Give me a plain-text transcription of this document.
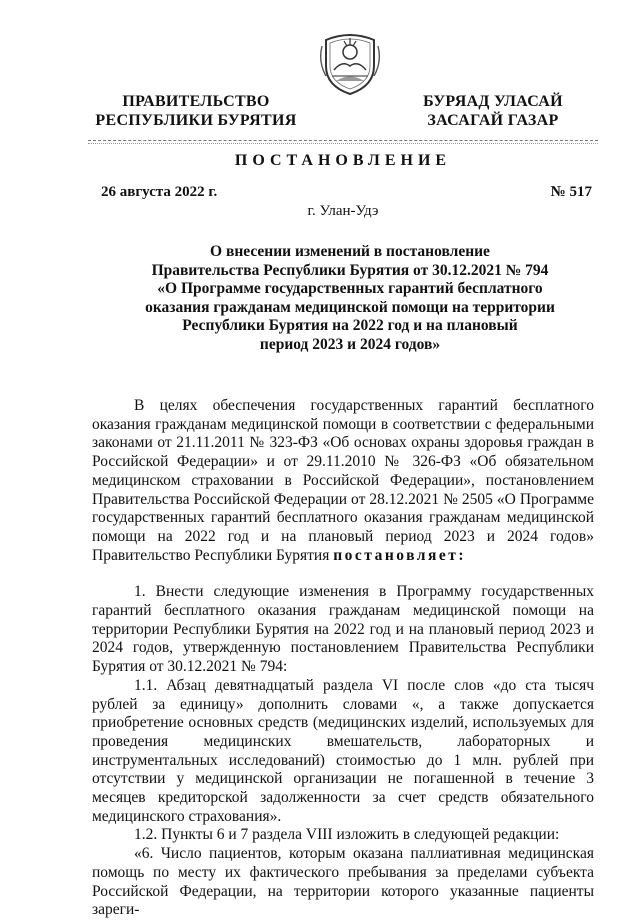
ПРАВИТЕЛЬСТВО
РЕСПУБЛИКИ БУРЯТИЯ
БУРЯАД УЛАСАЙ
ЗАСАГАЙ ГАЗАР
ПОСТАНОВЛЕНИЕ
26 августа 2022 г.	№ 517
г. Улан-Удэ
О внесении изменений в постановление
Правительства Республики Бурятия от 30.12.2021 № 794
«О Программе государственных гарантий бесплатного
оказания гражданам медицинской помощи на территории
Республики Бурятия на 2022 год и на плановый
период 2023 и 2024 годов»

В целях обеспечения государственных гарантий бесплатного оказания гражданам медицинской помощи в соответствии с федеральными законами от 21.11.2011 № 323-ФЗ «Об основах охраны здоровья граждан в Российской Федерации» и от 29.11.2010 № 326-ФЗ «Об обязательном медицинском страховании в Российской Федерации», постановлением Правительства Российской Федерации от 28.12.2021 № 2505 «О Программе государственных гарантий бесплатного оказания гражданам медицинской помощи на 2022 год и на плановый период 2023 и 2024 годов» Правительство Республики Бурятия постановляет:

1. Внести следующие изменения в Программу государственных гарантий бесплатного оказания гражданам медицинской помощи на территории Республики Бурятия на 2022 год и на плановый период 2023 и 2024 годов, утвержденную постановлением Правительства Республики Бурятия от 30.12.2021 № 794:

1.1. Абзац девятнадцатый раздела VI после слов «до ста тысяч рублей за единицу» дополнить словами «, а также допускается приобретение основных средств (медицинских изделий, используемых для проведения медицинских вмешательств, лабораторных и инструментальных исследований) стоимостью до 1 млн. рублей при отсутствии у медицинской организации не погашенной в течение 3 месяцев кредиторской задолженности за счет средств обязательного медицинского страхования».

1.2. Пункты 6 и 7 раздела VIII изложить в следующей редакции:

«6. Число пациентов, которым оказана паллиативная медицинская помощь по месту их фактического пребывания за пределами субъекта Российской Федерации, на территории которого указанные пациенты зареги-
